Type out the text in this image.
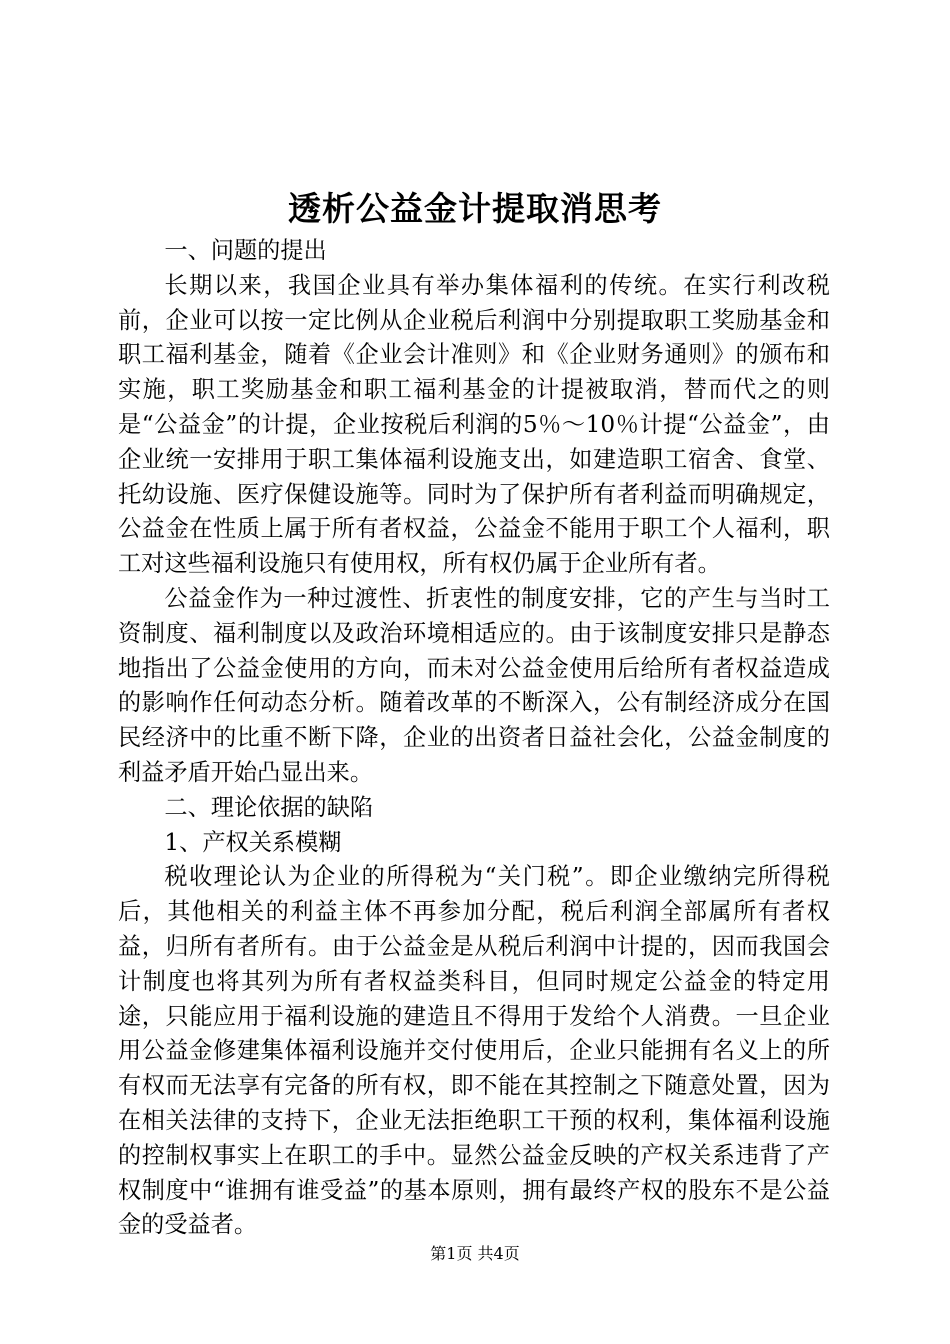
透析公益金计提取消思考

一、问题的提出

长期以来，我国企业具有举办集体福利的传统。在实行利改税前，企业可以按一定比例从企业税后利润中分别提取职工奖励基金和职工福利基金，随着《企业会计准则》和《企业财务通则》的颁布和实施，职工奖励基金和职工福利基金的计提被取消，替而代之的则是“公益金”的计提，企业按税后利润的5％～10％计提“公益金”，由企业统一安排用于职工集体福利设施支出，如建造职工宿舍、食堂、托幼设施、医疗保健设施等。同时为了保护所有者利益而明确规定，公益金在性质上属于所有者权益，公益金不能用于职工个人福利，职工对这些福利设施只有使用权，所有权仍属于企业所有者。

公益金作为一种过渡性、折衷性的制度安排，它的产生与当时工资制度、福利制度以及政治环境相适应的。由于该制度安排只是静态地指出了公益金使用的方向，而未对公益金使用后给所有者权益造成的影响作任何动态分析。随着改革的不断深入，公有制经济成分在国民经济中的比重不断下降，企业的出资者日益社会化，公益金制度的利益矛盾开始凸显出来。

二、理论依据的缺陷

1、产权关系模糊

税收理论认为企业的所得税为“关门税”。即企业缴纳完所得税后，其他相关的利益主体不再参加分配，税后利润全部属所有者权益，归所有者所有。由于公益金是从税后利润中计提的，因而我国会计制度也将其列为所有者权益类科目，但同时规定公益金的特定用途，只能应用于福利设施的建造且不得用于发给个人消费。一旦企业用公益金修建集体福利设施并交付使用后，企业只能拥有名义上的所有权而无法享有完备的所有权，即不能在其控制之下随意处置，因为在相关法律的支持下，企业无法拒绝职工干预的权利，集体福利设施的控制权事实上在职工的手中。显然公益金反映的产权关系违背了产权制度中“谁拥有谁受益”的基本原则，拥有最终产权的股东不是公益金的受益者。

第1页 共4页
